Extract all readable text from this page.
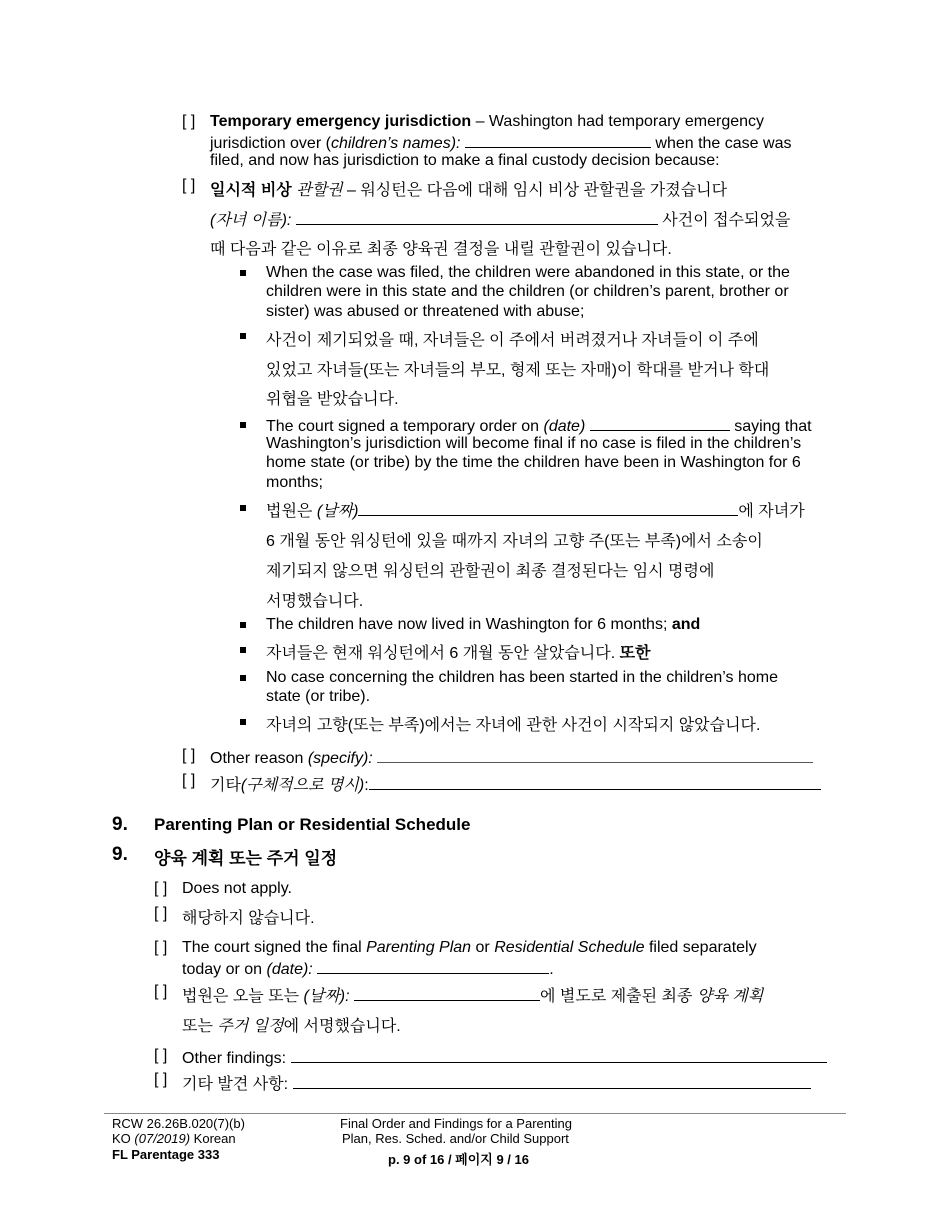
[ ] Temporary emergency jurisdiction – Washington had temporary emergency
jurisdiction over (children’s names):	when the case was
filed, and now has jurisdiction to make a final custody decision because:
[ ] 일시적 비상 관할권 – 워싱턴은 다음에 대해 임시 비상 관할권을 가졌습니다
(자녀 이름):	사건이 접수되었을
때 다음과 같은 이유로 최종 양육권 결정을 내릴 관할권이 있습니다.
When the case was filed, the children were abandoned in this state, or the
children were in this state and the children (or children’s parent, brother or
sister) was abused or threatened with abuse;
사건이 제기되었을 때, 자녀들은 이 주에서 버려졌거나 자녀들이 이 주에
있었고 자녀들(또는 자녀들의 부모, 형제 또는 자매)이 학대를 받거나 학대
위협을 받았습니다.
The court signed a temporary order on (date)	saying that
Washington’s jurisdiction will become final if no case is filed in the children’s
home state (or tribe) by the time the children have been in Washington for 6
months;
법원은 (날짜)	에 자녀가
6 개월 동안 워싱턴에 있을 때까지 자녀의 고향 주(또는 부족)에서 소송이
제기되지 않으면 워싱턴의 관할권이 최종 결정된다는 임시 명령에
서명했습니다.
The children have now lived in Washington for 6 months; and
자녀들은 현재 워싱턴에서 6 개월 동안 살았습니다. 또한
No case concerning the children has been started in the children’s home
state (or tribe).
자녀의 고향(또는 부족)에서는 자녀에 관한 사건이 시작되지 않았습니다.
[ ] Other reason (specify):
[ ] 기타(구체적으로 명시):
9. Parenting Plan or Residential Schedule
9. 양육 계획 또는 주거 일정
[ ] Does not apply.
[ ] 해당하지 않습니다.
[ ] The court signed the final Parenting Plan or Residential Schedule filed separately
today or on (date):	.
[ ] 법원은 오늘 또는 (날짜):	에 별도로 제출된 최종 양육 계획
또는 주거 일정에 서명했습니다.
[ ] Other findings:
[ ] 기타 발견 사항:
RCW 26.26B.020(7)(b)
KO (07/2019) Korean
FL Parentage 333
Final Order and Findings for a Parenting
Plan, Res. Sched. and/or Child Support
p. 9 of 16 / 페이지 9 / 16
